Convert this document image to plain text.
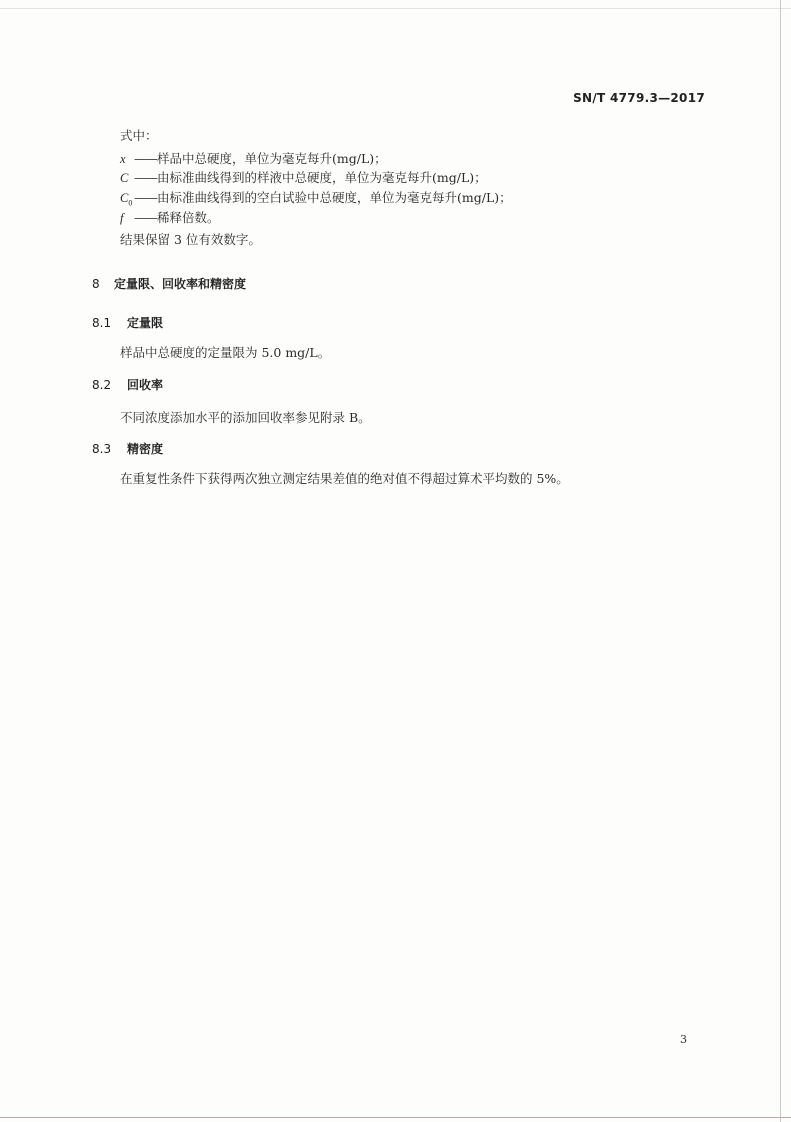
SN/T 4779.3—2017
式中：
x ——样品中总硬度，单位为毫克每升(mg/L)；
C ——由标准曲线得到的样液中总硬度，单位为毫克每升(mg/L)；
$C_0$ ——由标准曲线得到的空白试验中总硬度，单位为毫克每升(mg/L)；
f ——稀释倍数。
结果保留 3 位有效数字。
8 定量限、回收率和精密度
8.1 定量限
样品中总硬度的定量限为 5.0 mg/L。
8.2 回收率
不同浓度添加水平的添加回收率参见附录 B。
8.3 精密度
在重复性条件下获得两次独立测定结果差值的绝对值不得超过算术平均数的 5%。
3
